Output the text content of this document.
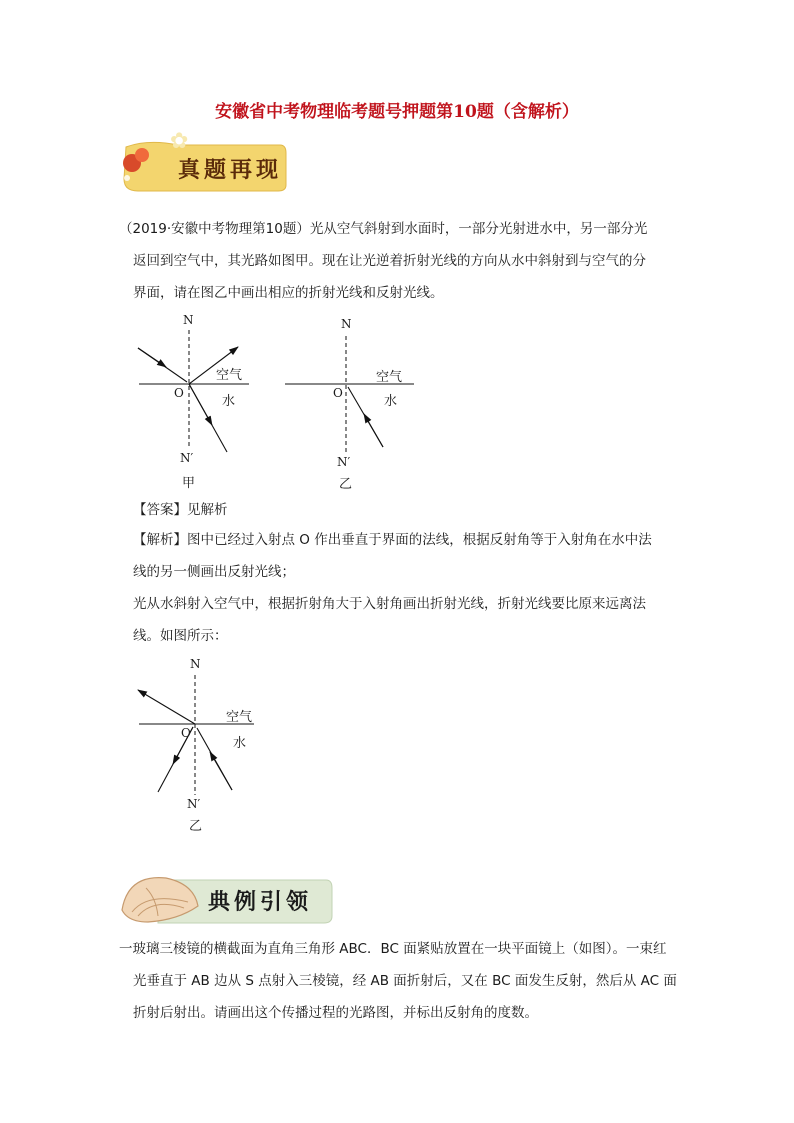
安徽省中考物理临考题号押题第10题（含解析）
✿
真题再现
（2019·安徽中考物理第10题）光从空气斜射到水面时，一部分光射进水中，另一部分光
返回到空气中，其光路如图甲。现在让光逆着折射光线的方向从水中斜射到与空气的分
界面，请在图乙中画出相应的折射光线和反射光线。
N
空气
O
水
N′
甲
N
空气
O
水
N′
乙
【答案】见解析
【解析】图中已经过入射点 O 作出垂直于界面的法线，根据反射角等于入射角在水中法
线的另一侧画出反射光线；
光从水斜射入空气中，根据折射角大于入射角画出折射光线，折射光线要比原来远离法
线。如图所示：
N
空气
O
水
N′
乙
典例引领
一玻璃三棱镜的横截面为直角三角形 ABC．BC 面紧贴放置在一块平面镜上（如图）。一束红
光垂直于 AB 边从 S 点射入三棱镜，经 AB 面折射后，又在 BC 面发生反射，然后从 AC 面
折射后射出。请画出这个传播过程的光路图，并标出反射角的度数。
